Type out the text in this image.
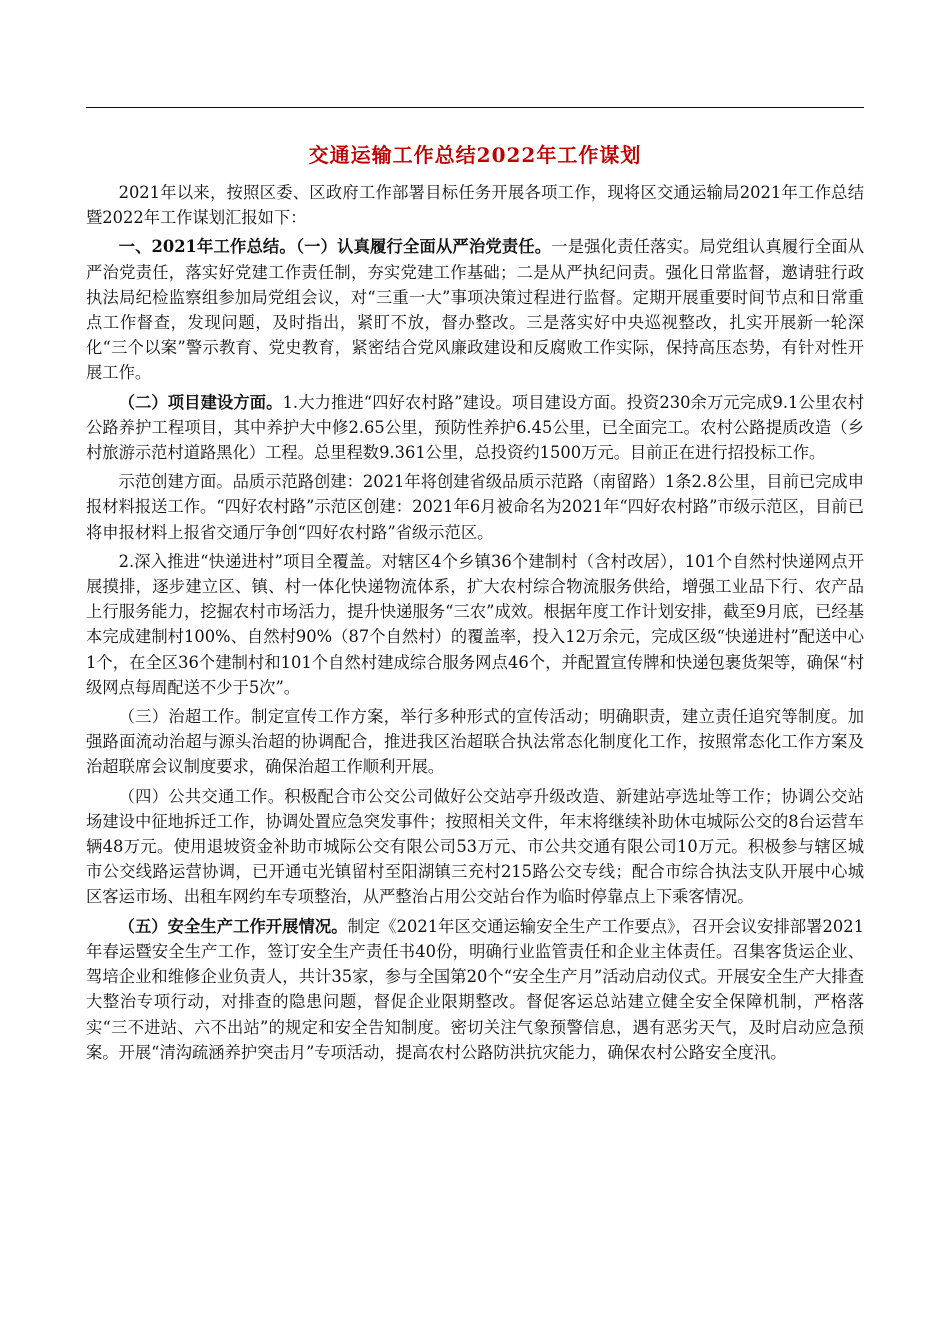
交通运输工作总结2022年工作谋划

2021年以来，按照区委、区政府工作部署目标任务开展各项工作，现将区交通运输局2021年工作总结暨2022年工作谋划汇报如下：

一、2021年工作总结。（一）认真履行全面从严治党责任。一是强化责任落实。局党组认真履行全面从严治党责任，落实好党建工作责任制，夯实党建工作基础；二是从严执纪问责。强化日常监督，邀请驻行政执法局纪检监察组参加局党组会议，对“三重一大”事项决策过程进行监督。定期开展重要时间节点和日常重点工作督查，发现问题，及时指出，紧盯不放，督办整改。三是落实好中央巡视整改，扎实开展新一轮深化“三个以案”警示教育、党史教育，紧密结合党风廉政建设和反腐败工作实际，保持高压态势，有针对性开展工作。

（二）项目建设方面。1.大力推进“四好农村路”建设。项目建设方面。投资230余万元完成9.1公里农村公路养护工程项目，其中养护大中修2.65公里，预防性养护6.45公里，已全面完工。农村公路提质改造（乡村旅游示范村道路黑化）工程。总里程数9.361公里，总投资约1500万元。目前正在进行招投标工作。

示范创建方面。品质示范路创建：2021年将创建省级品质示范路（南留路）1条2.8公里，目前已完成申报材料报送工作。“四好农村路”示范区创建：2021年6月被命名为2021年“四好农村路”市级示范区，目前已将申报材料上报省交通厅争创“四好农村路”省级示范区。

2.深入推进“快递进村”项目全覆盖。对辖区4个乡镇36个建制村（含村改居），101个自然村快递网点开展摸排，逐步建立区、镇、村一体化快递物流体系，扩大农村综合物流服务供给，增强工业品下行、农产品上行服务能力，挖掘农村市场活力，提升快递服务“三农”成效。根据年度工作计划安排，截至9月底，已经基本完成建制村100%、自然村90%（87个自然村）的覆盖率，投入12万余元，完成区级“快递进村”配送中心1个，在全区36个建制村和101个自然村建成综合服务网点46个，并配置宣传牌和快递包裹货架等，确保“村级网点每周配送不少于5次”。

（三）治超工作。制定宣传工作方案，举行多种形式的宣传活动；明确职责，建立责任追究等制度。加强路面流动治超与源头治超的协调配合，推进我区治超联合执法常态化制度化工作，按照常态化工作方案及治超联席会议制度要求，确保治超工作顺利开展。

（四）公共交通工作。积极配合市公交公司做好公交站亭升级改造、新建站亭选址等工作；协调公交站场建设中征地拆迁工作，协调处置应急突发事件；按照相关文件，年末将继续补助休屯城际公交的8台运营车辆48万元。使用退坡资金补助市城际公交有限公司53万元、市公共交通有限公司10万元。积极参与辖区城市公交线路运营协调，已开通屯光镇留村至阳湖镇三充村215路公交专线；配合市综合执法支队开展中心城区客运市场、出租车网约车专项整治，从严整治占用公交站台作为临时停靠点上下乘客情况。

（五）安全生产工作开展情况。制定《2021年区交通运输安全生产工作要点》，召开会议安排部署2021年春运暨安全生产工作，签订安全生产责任书40份，明确行业监管责任和企业主体责任。召集客货运企业、驾培企业和维修企业负责人，共计35家，参与全国第20个“安全生产月”活动启动仪式。开展安全生产大排查大整治专项行动，对排查的隐患问题，督促企业限期整改。督促客运总站建立健全安全保障机制，严格落实“三不进站、六不出站”的规定和安全告知制度。密切关注气象预警信息，遇有恶劣天气，及时启动应急预案。开展“清沟疏涵养护突击月”专项活动，提高农村公路防洪抗灾能力，确保农村公路安全度汛。
